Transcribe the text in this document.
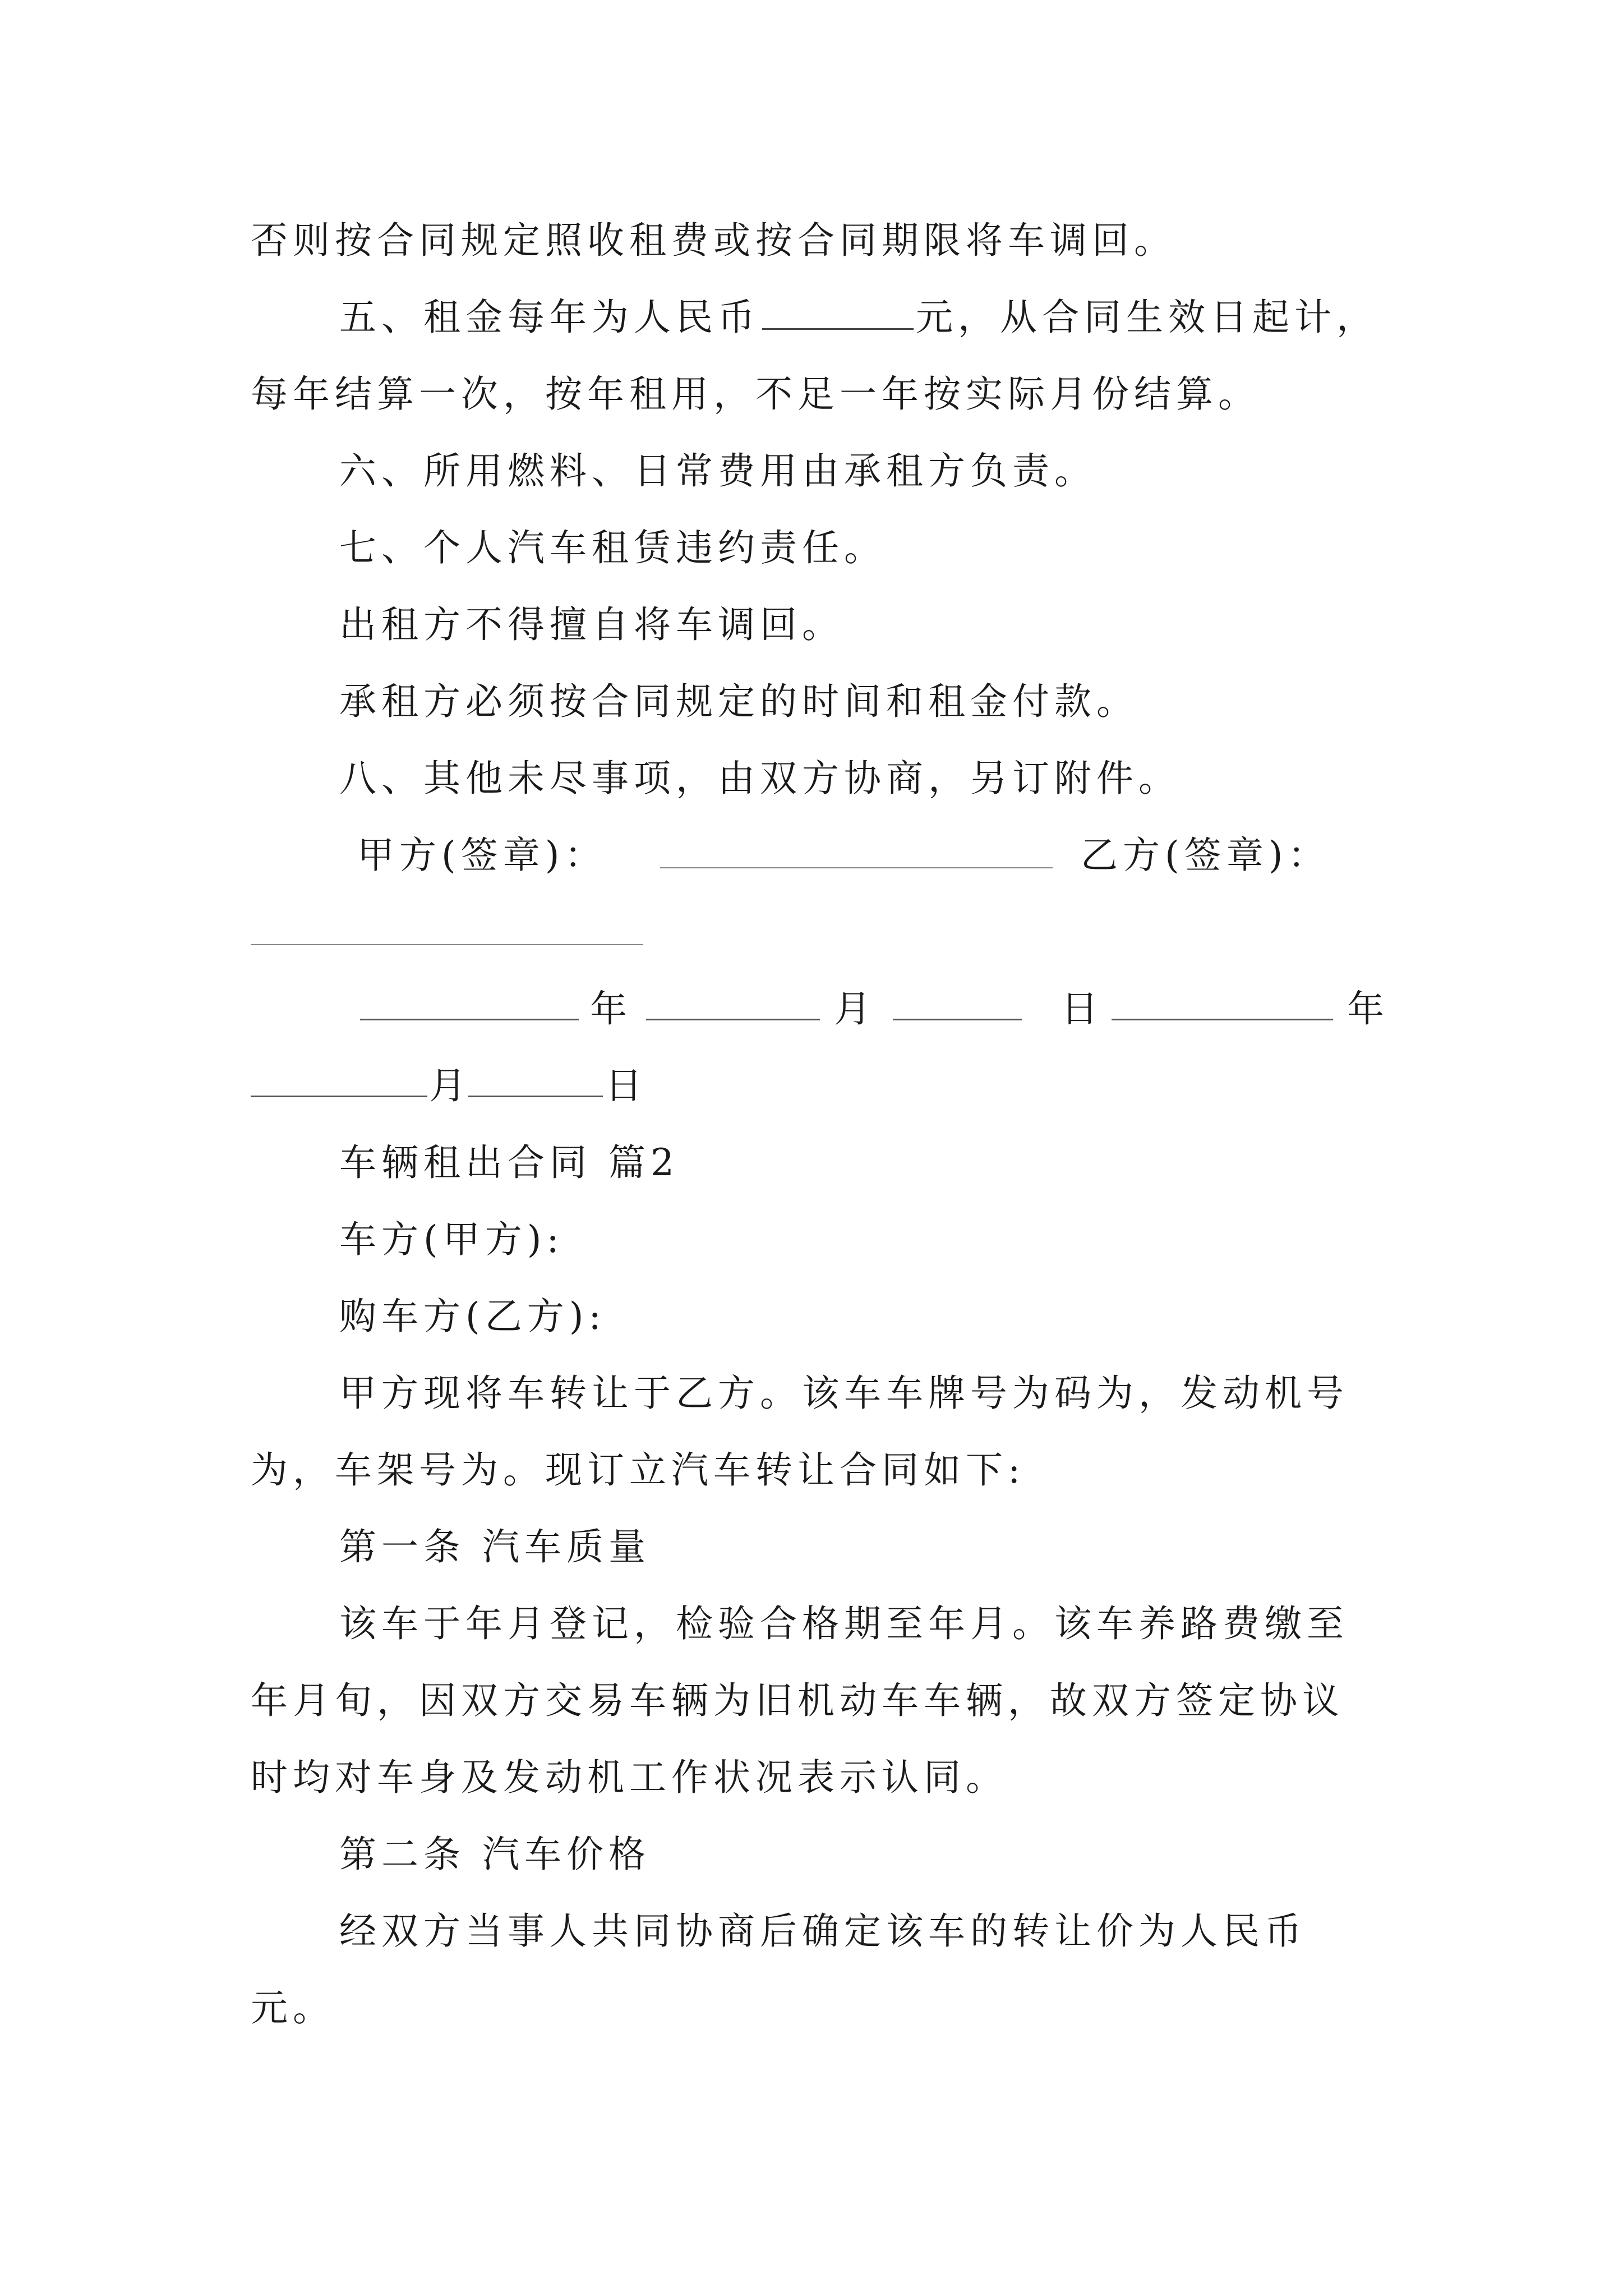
否则按合同规定照收租费或按合同期限将车调回。
五、租金每年为人民币	元，从合同生效日起计，
每年结算一次，按年租用，不足一年按实际月份结算。
六、所用燃料、日常费用由承租方负责。
七、个人汽车租赁违约责任。
出租方不得擅自将车调回。
承租方必须按合同规定的时间和租金付款。
八、其他未尽事项，由双方协商，另订附件。
甲方(签章)：	乙方(签章)：
年	月	日	年
月	日
车辆租出合同 篇2
车方(甲方):
购车方(乙方):
甲方现将车转让于乙方。该车车牌号为码为，发动机号
为，车架号为。现订立汽车转让合同如下:
第一条 汽车质量
该车于年月登记，检验合格期至年月。该车养路费缴至
年月旬，因双方交易车辆为旧机动车车辆，故双方签定协议
时均对车身及发动机工作状况表示认同。
第二条 汽车价格
经双方当事人共同协商后确定该车的转让价为人民币
元。
